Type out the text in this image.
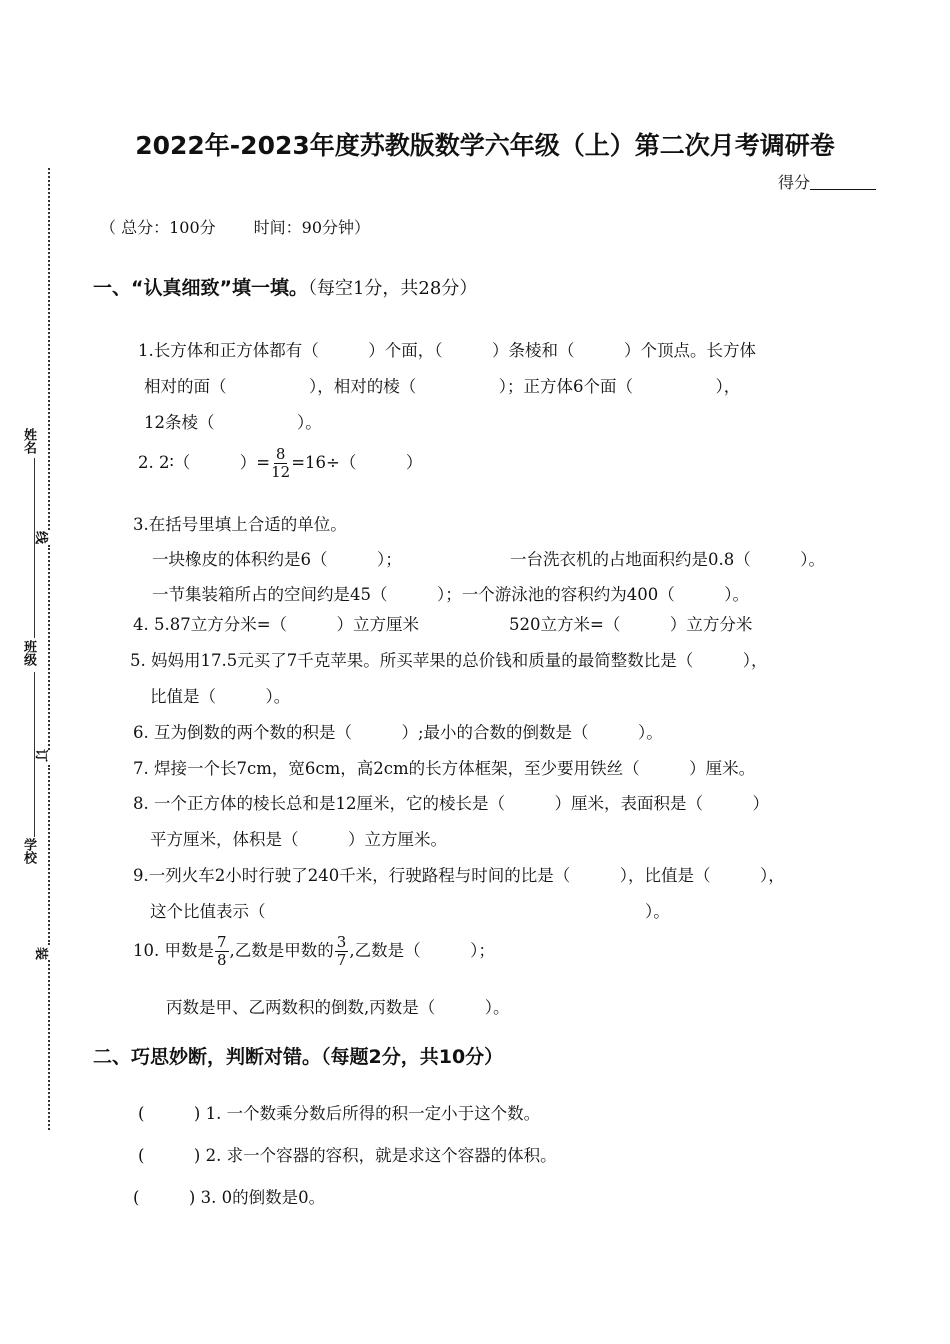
线
订
装
姓名
班级
学校
2022年-2023年度苏教版数学六年级（上）第二次月考调研卷
得分
（ 总分：100分 时间：90分钟）
一、“认真细致”填一填。（每空1分，共28分）
1.长方体和正方体都有（　　　）个面，（　　　）条棱和（　　　）个顶点。长方体
相对的面（　　　　　），相对的棱（　　　　　）；正方体6个面（　　　　　），
12条棱（　　　　　）。
2. 2∶（　　　）= $\frac{8}{12} =16\div$（　　　）
3.在括号里填上合适的单位。
一块橡皮的体积约是6（　　　）；	一台洗衣机的占地面积约是0.8（　　　）。
一节集装箱所占的空间约是45（　　　）；一个游泳池的容积约为400（　　　）。
4. 5.87立方分米=（　　　）立方厘米	520立方米=（　　　）立方分米
5. 妈妈用17.5元买了7千克苹果。所买苹果的总价钱和质量的最简整数比是（　　　），
比值是（　　　）。
6. 互为倒数的两个数的积是（　　　）;最小的合数的倒数是（　　　）。
7. 焊接一个长7cm，宽6cm，高2cm的长方体框架，至少要用铁丝（　　　）厘米。
8. 一个正方体的棱长总和是12厘米，它的棱长是（　　　）厘米，表面积是（　　　）
平方厘米，体积是（　　　）立方厘米。
9.一列火车2小时行驶了240千米，行驶路程与时间的比是（　　　），比值是（　　　），
这个比值表示（　　　　　　　　　　　　　　　　　　　　　　　）。
10. 甲数是 $\frac{7}{8}$ ,乙数是甲数的 $\frac{3}{7}$ ,乙数是（　　　）；
丙数是甲、乙两数积的倒数,丙数是（　　　）。
二、巧思妙断，判断对错。（每题2分，共10分）
(　　　) 1. 一个数乘分数后所得的积一定小于这个数。
(　　　) 2. 求一个容器的容积，就是求这个容器的体积。
(　　　) 3. 0的倒数是0。
